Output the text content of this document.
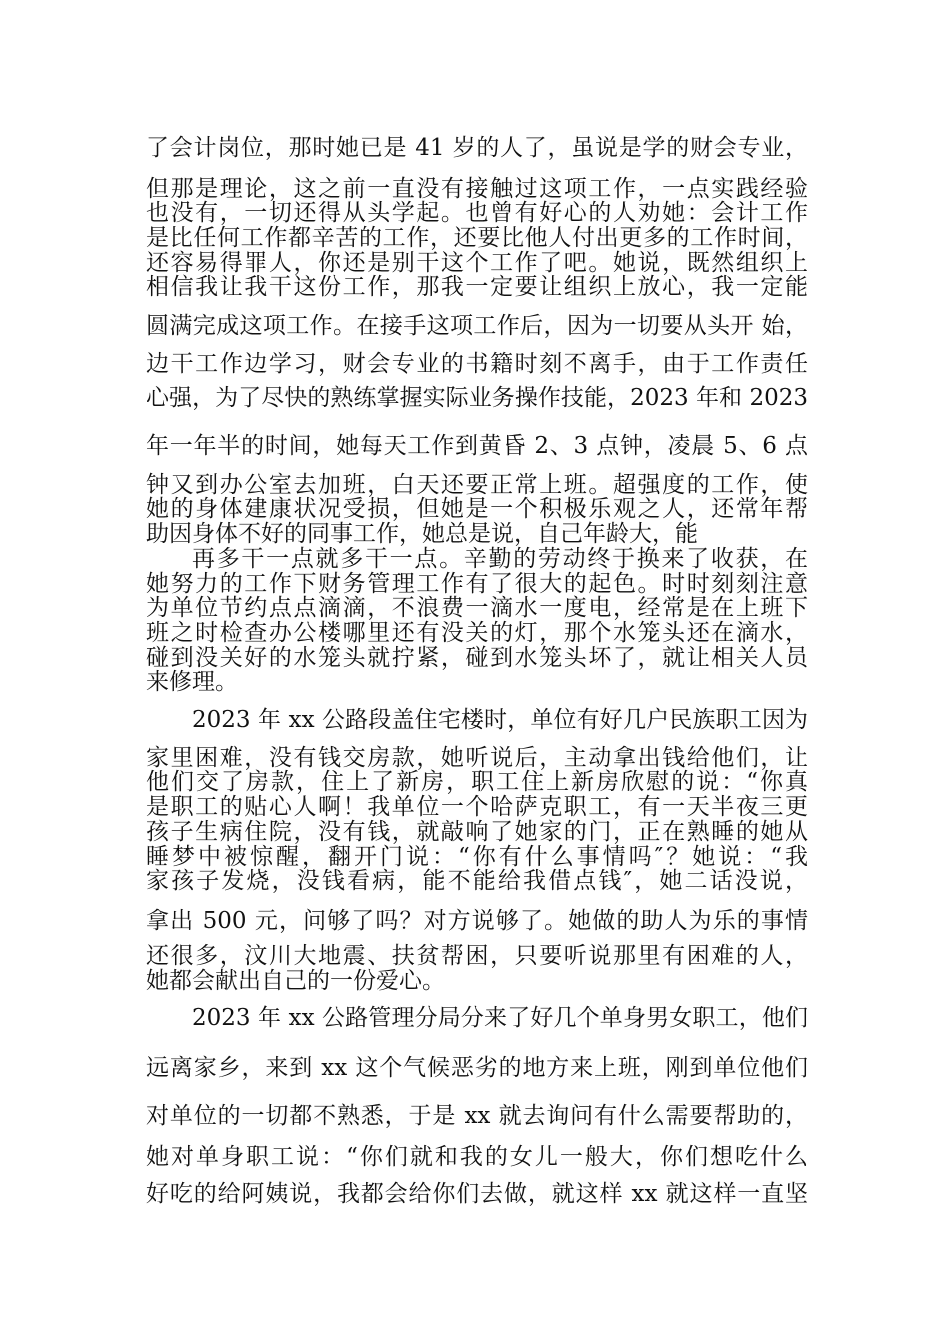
了会计岗位，那时她已是 41 岁的人了，虽说是学的财会专业，
但那是理论，这之前一直没有接触过这项工作，一点实践经验
也没有，一切还得从头学起。也曾有好心的人劝她：会计工作
是比任何工作都辛苦的工作，还要比他人付出更多的工作时间，
还容易得罪人，你还是别干这个工作了吧。她说，既然组织上
相信我让我干这份工作，那我一定要让组织上放心，我一定能
圆满完成这项工作。在接手这项工作后，因为一切要从头开 始，
边干工作边学习，财会专业的书籍时刻不离手，由于工作责任
心强，为了尽快的熟练掌握实际业务操作技能，2023 年和 2023
年一年半的时间，她每天工作到黄昏 2、3 点钟，凌晨 5、6 点
钟又到办公室去加班，白天还要正常上班。超强度的工作，使
她的身体建康状况受损，但她是一个积极乐观之人，还常年帮
助因身体不好的同事工作，她总是说，自己年龄大，能
再多干一点就多干一点。辛勤的劳动终于换来了收获，在
她努力的工作下财务管理工作有了很大的起色。时时刻刻注意
为单位节约点点滴滴，不浪费一滴水一度电，经常是在上班下
班之时检查办公楼哪里还有没关的灯，那个水笼头还在滴水，
碰到没关好的水笼头就拧紧，碰到水笼头坏了，就让相关人员
来修理。
2023 年 xx 公路段盖住宅楼时，单位有好几户民族职工因为
家里困难，没有钱交房款，她听说后，主动拿出钱给他们，让
他们交了房款，住上了新房，职工住上新房欣慰的说：“你真
是职工的贴心人啊！我单位一个哈萨克职工，有一天半夜三更
孩子生病住院，没有钱，就敲响了她家的门，正在熟睡的她从
睡梦中被惊醒，翻开门说：“你有什么事情吗″？她说：“我
家孩子发烧，没钱看病，能不能给我借点钱″，她二话没说，
拿出 500 元，问够了吗？对方说够了。她做的助人为乐的事情
还很多，汶川大地震、扶贫帮困，只要听说那里有困难的人，
她都会献出自己的一份爱心。
2023 年 xx 公路管理分局分来了好几个单身男女职工，他们
远离家乡，来到 xx 这个气候恶劣的地方来上班，刚到单位他们
对单位的一切都不熟悉，于是 xx 就去询问有什么需要帮助的，
她对单身职工说：“你们就和我的女儿一般大，你们想吃什么
好吃的给阿姨说，我都会给你们去做，就这样 xx 就这样一直坚
